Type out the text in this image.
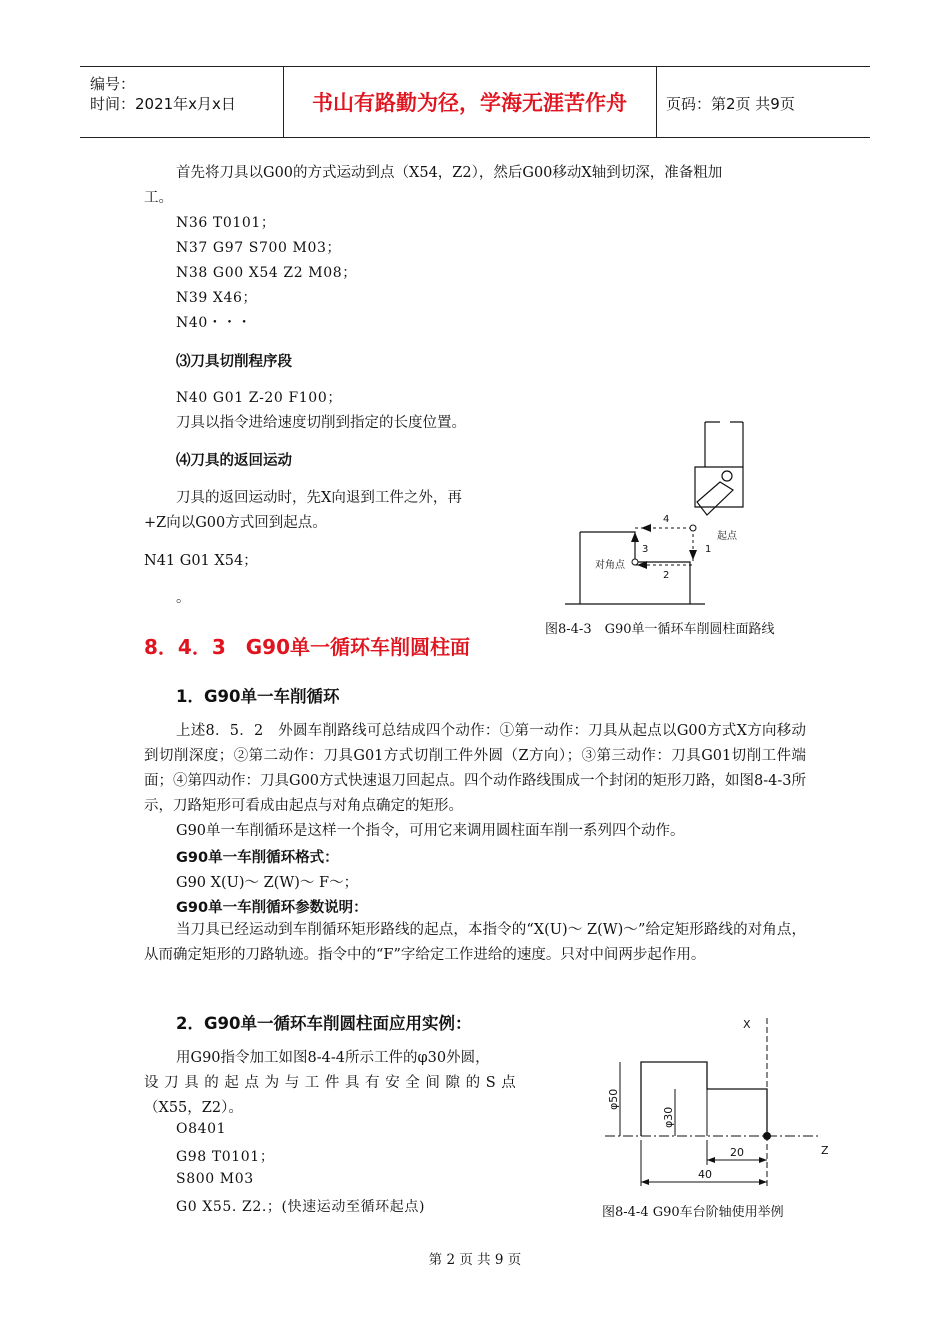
编号：
时间：2021年x月x日	书山有路勤为径，学海无涯苦作舟	页码：第2页 共9页
首先将刀具以G00的方式运动到点（X54，Z2），然后G00移动X轴到切深，准备粗加
工。
N36 T0101；
N37 G97 S700 M03；
N38 G00 X54 Z2 M08；
N39 X46；
N40・・・
⑶刀具切削程序段
N40 G01 Z-20 F100；
刀具以指令进给速度切削到指定的长度位置。
⑷刀具的返回运动
刀具的返回运动时，先X向退到工件之外，再
+Z向以G00方式回到起点。
N41 G01 X54；
。
4
1
3
2
起点
对角点
图8-4-3　G90单一循环车削圆柱面路线
8．4．3　G90单一循环车削圆柱面
1．G90单一车削循环
上述8．5．2　外圆车削路线可总结成四个动作：①第一动作：刀具从起点以G00方式X方向移动到切削深度；②第二动作：刀具G01方式切削工件外圆（Z方向）；③第三动作：刀具G01切削工件端面；④第四动作：刀具G00方式快速退刀回起点。四个动作路线围成一个封闭的矩形刀路，如图8-4-3所示，刀路矩形可看成由起点与对角点确定的矩形。
G90单一车削循环是这样一个指令，可用它来调用圆柱面车削一系列四个动作。
G90单一车削循环格式：
G90 X(U)～ Z(W)～ F～；
G90单一车削循环参数说明：
当刀具已经运动到车削循环矩形路线的起点，本指令的“X(U)～ Z(W)～”给定矩形路线的对角点，从而确定矩形的刀路轨迹。指令中的“F”字给定工作进给的速度。只对中间两步起作用。
2．G90单一循环车削圆柱面应用实例：
用G90指令加工如图8-4-4所示工件的φ30外圆，
设刀具的起点为与工件具有安全间隙的S点
（X55，Z2）。
O8401
G98 T0101；
S800 M03
G0 X55. Z2.；(快速运动至循环起点)
X
Z
20
40
φ50
φ30
图8-4-4 G90车台阶轴使用举例
第 2 页 共 9 页
